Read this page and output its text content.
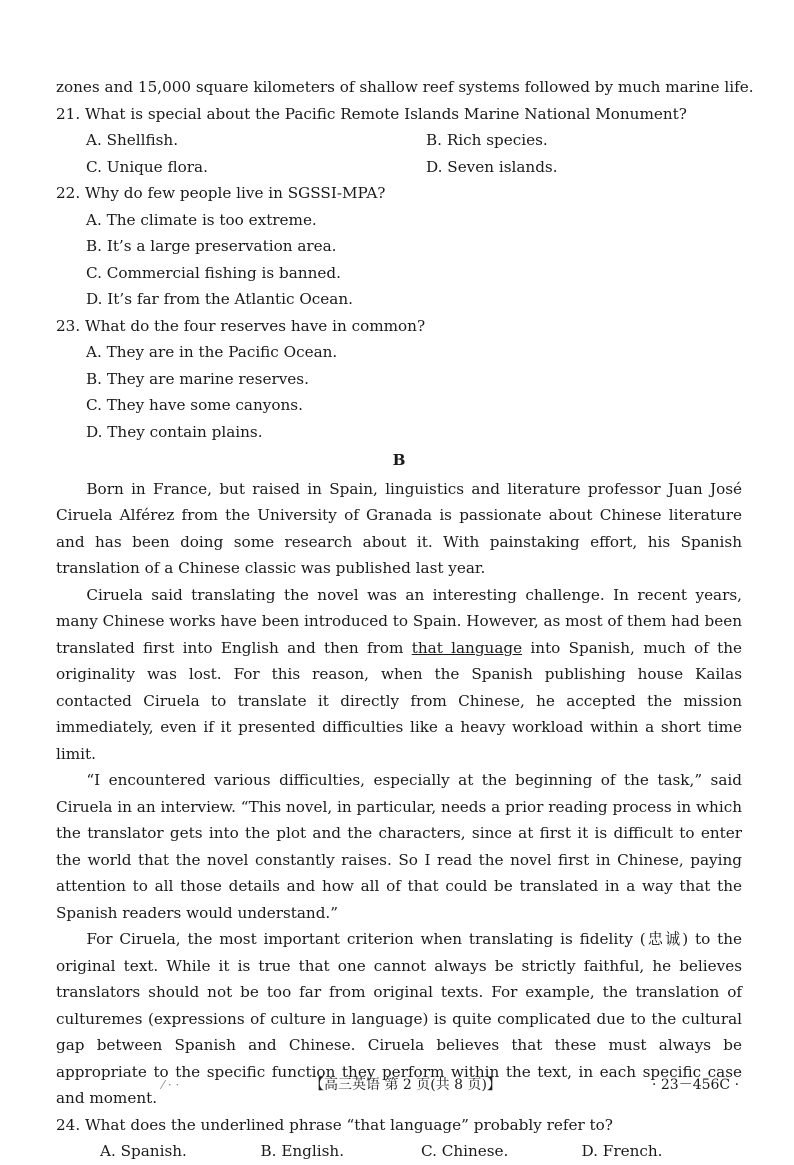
zones and 15,000 square kilometers of shallow reef systems followed by much marine life.

21. What is special about the Pacific Remote Islands Marine National Monument?

A. Shellfish.	B. Rich species.
C. Unique flora.	D. Seven islands.

22. Why do few people live in SGSSI-MPA?

A. The climate is too extreme.

B. It’s a large preservation area.

C. Commercial fishing is banned.

D. It’s far from the Atlantic Ocean.

23. What do the four reserves have in common?

A. They are in the Pacific Ocean.

B. They are marine reserves.

C. They have some canyons.

D. They contain plains.

B

Born in France, but raised in Spain, linguistics and literature professor Juan José Ciruela Alférez from the University of Granada is passionate about Chinese literature and has been doing some research about it. With painstaking effort, his Spanish translation of a Chinese classic was published last year.

Ciruela said translating the novel was an interesting challenge. In recent years, many Chinese works have been introduced to Spain. However, as most of them had been translated first into English and then from that language into Spanish, much of the originality was lost. For this reason, when the Spanish publishing house Kailas contacted Ciruela to translate it directly from Chinese, he accepted the mission immediately, even if it presented difficulties like a heavy workload within a short time limit.

“I encountered various difficulties, especially at the beginning of the task,” said Ciruela in an interview. “This novel, in particular, needs a prior reading process in which the translator gets into the plot and the characters, since at first it is difficult to enter the world that the novel constantly raises. So I read the novel first in Chinese, paying attention to all those details and how all of that could be translated in a way that the Spanish readers would understand.”

For Ciruela, the most important criterion when translating is fidelity (忠诚) to the original text. While it is true that one cannot always be strictly faithful, he believes translators should not be too far from original texts. For example, the translation of culturemes (expressions of culture in language) is quite complicated due to the cultural gap between Spanish and Chinese. Ciruela believes that these must always be appropriate to the specific function they perform within the text, in each specific case and moment.

24. What does the underlined phrase “that language” probably refer to?

A. Spanish.	B. English.	C. Chinese.	D. French.
⁄ · ·	【高三英语 第 2 页(共 8 页)】	· 23－456C ·
